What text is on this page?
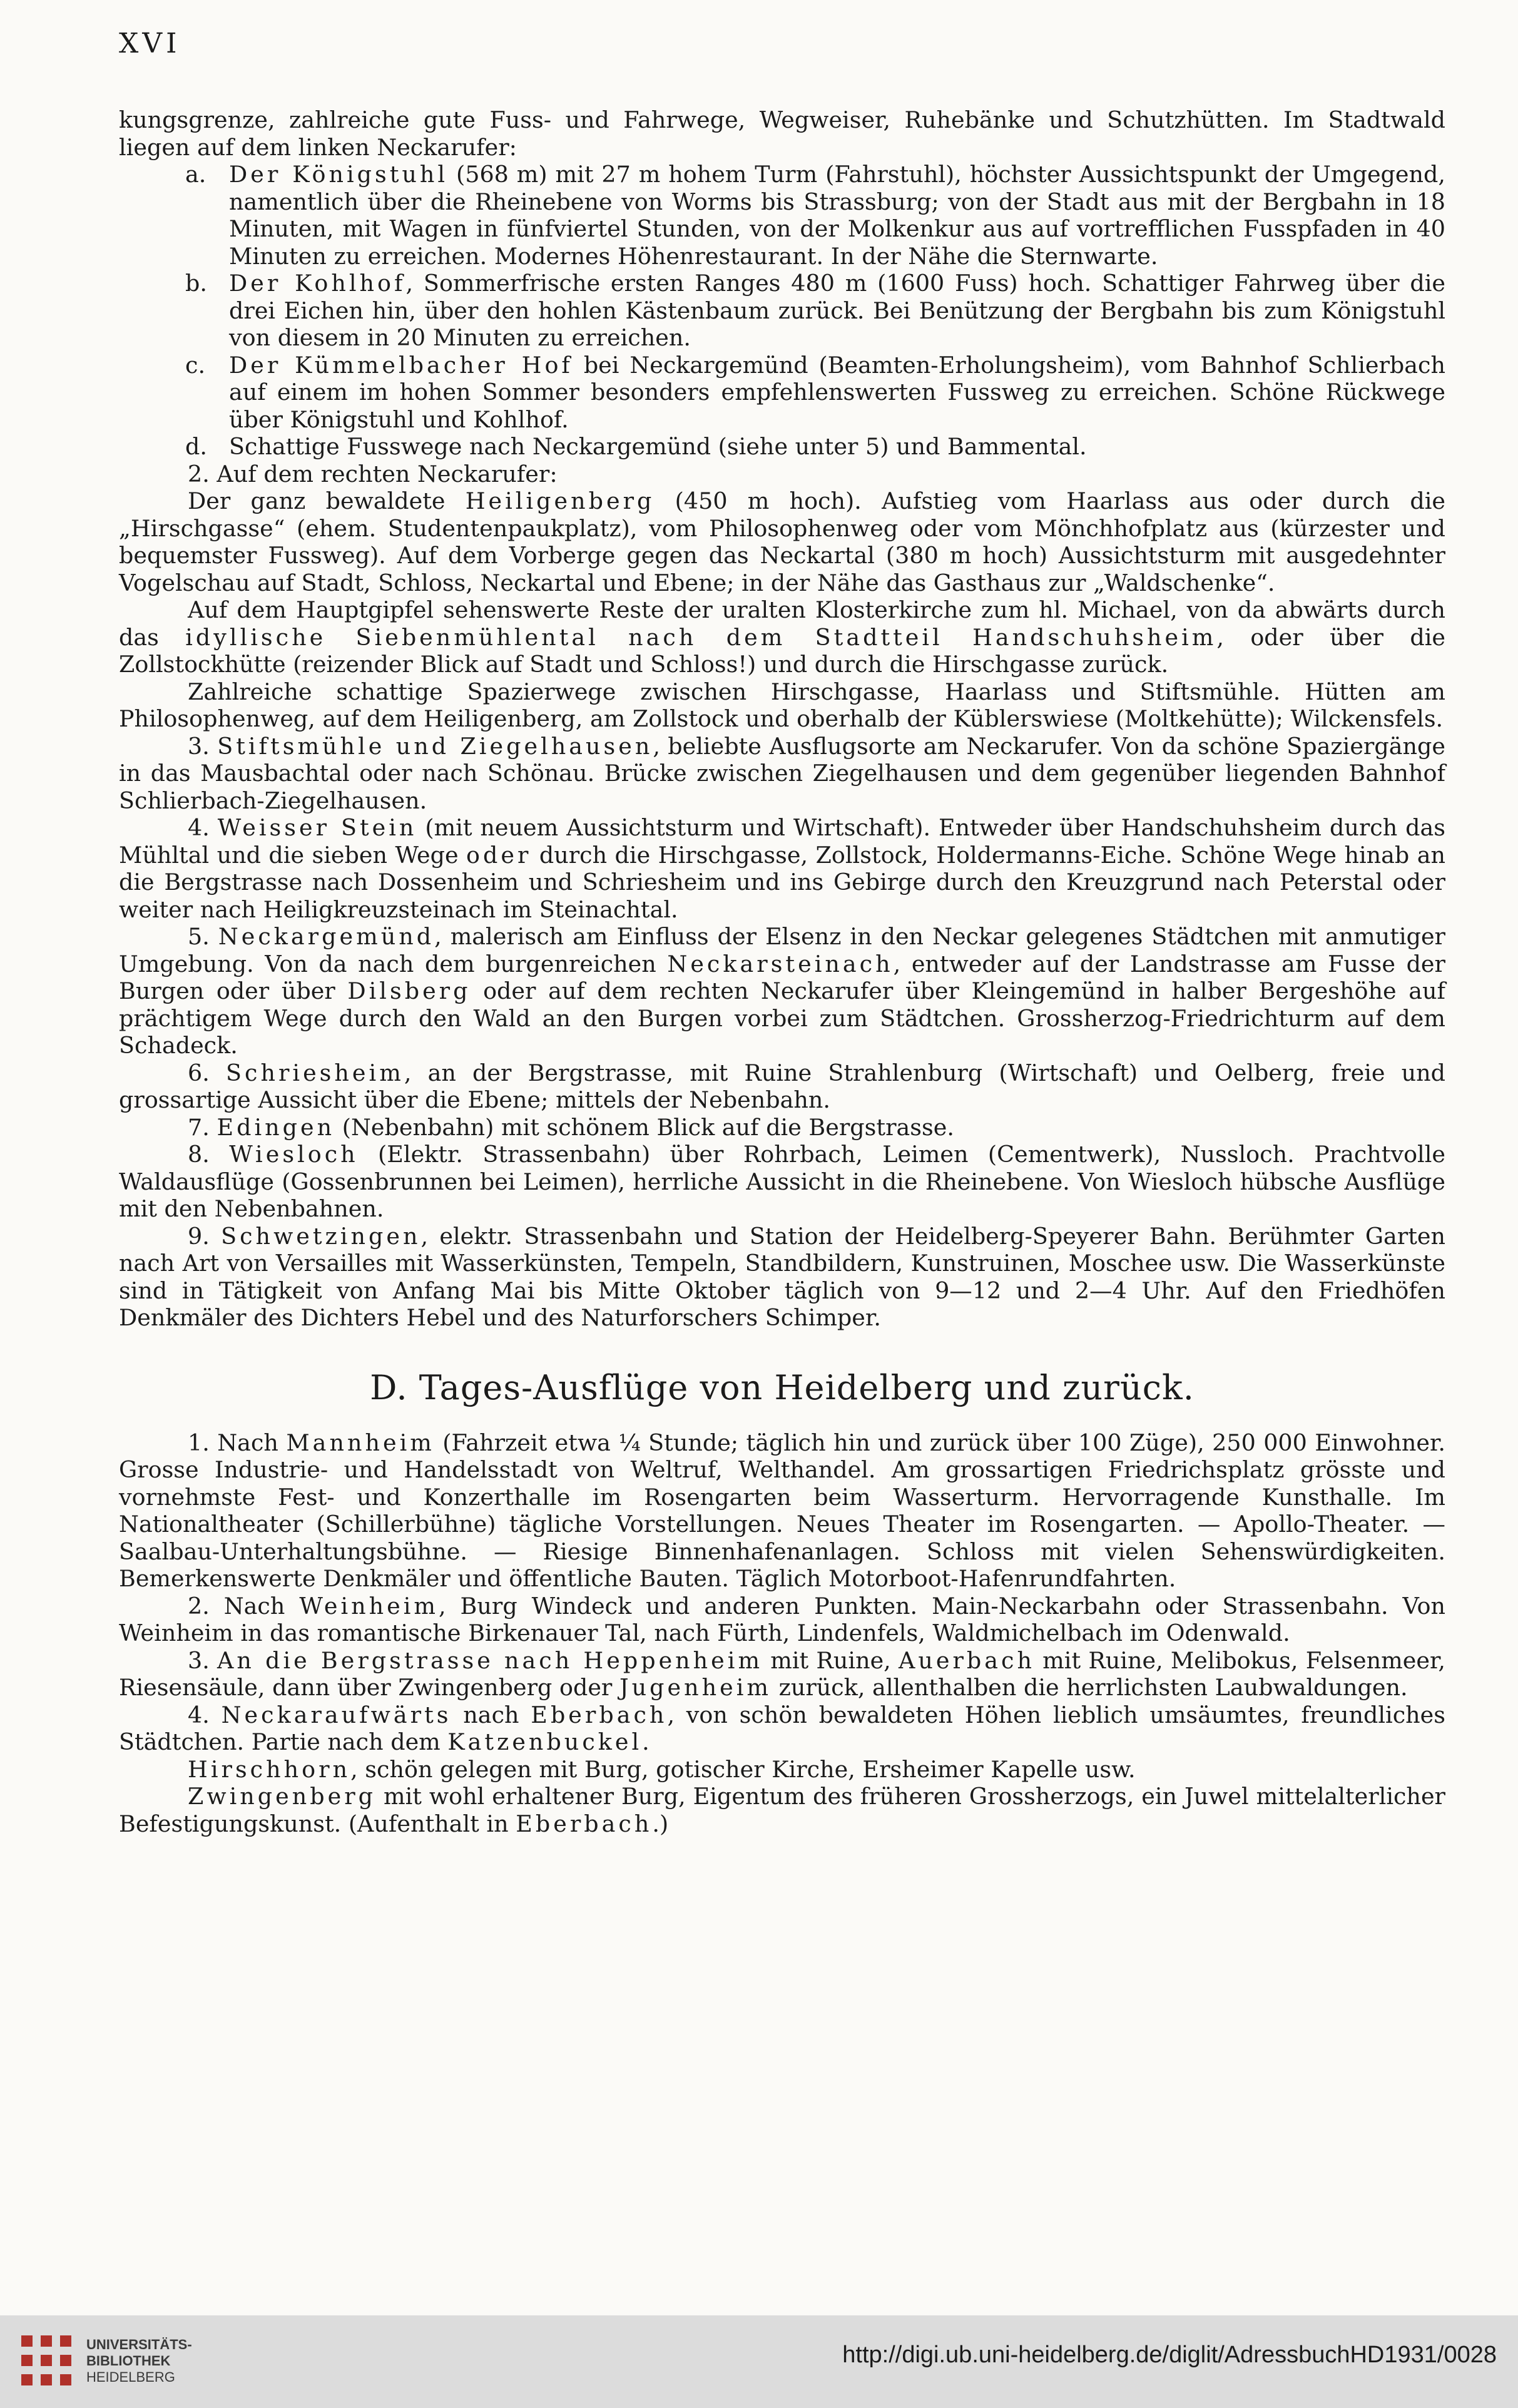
XVI

kungsgrenze, zahlreiche gute Fuss- und Fahrwege, Wegweiser, Ruhebänke und Schutzhütten. Im Stadtwald liegen auf dem linken Neckarufer:

a. Der Königstuhl (568 m) mit 27 m hohem Turm (Fahrstuhl), höchster Aussichtspunkt der Umgegend, namentlich über die Rheinebene von Worms bis Strassburg; von der Stadt aus mit der Bergbahn in 18 Minuten, mit Wagen in fünfviertel Stunden, von der Molkenkur aus auf vortrefflichen Fusspfaden in 40 Minuten zu erreichen. Modernes Höhenrestaurant. In der Nähe die Sternwarte.

b. Der Kohlhof, Sommerfrische ersten Ranges 480 m (1600 Fuss) hoch. Schattiger Fahrweg über die drei Eichen hin, über den hohlen Kästenbaum zurück. Bei Benützung der Bergbahn bis zum Königstuhl von diesem in 20 Minuten zu erreichen.

c. Der Kümmelbacher Hof bei Neckargemünd (Beamten-Erholungsheim), vom Bahnhof Schlierbach auf einem im hohen Sommer besonders empfehlenswerten Fussweg zu erreichen. Schöne Rückwege über Königstuhl und Kohlhof.

d. Schattige Fusswege nach Neckargemünd (siehe unter 5) und Bammental.

2. Auf dem rechten Neckarufer:

Der ganz bewaldete Heiligenberg (450 m hoch). Aufstieg vom Haarlass aus oder durch die „Hirschgasse“ (ehem. Studentenpaukplatz), vom Philosophenweg oder vom Mönchhofplatz aus (kürzester und bequemster Fussweg). Auf dem Vorberge gegen das Neckartal (380 m hoch) Aussichtsturm mit ausgedehnter Vogelschau auf Stadt, Schloss, Neckartal und Ebene; in der Nähe das Gasthaus zur „Waldschenke“.

Auf dem Hauptgipfel sehenswerte Reste der uralten Klosterkirche zum hl. Michael, von da abwärts durch das idyllische Siebenmühlental nach dem Stadtteil Handschuhsheim, oder über die Zollstockhütte (reizender Blick auf Stadt und Schloss!) und durch die Hirschgasse zurück.

Zahlreiche schattige Spazierwege zwischen Hirschgasse, Haarlass und Stiftsmühle. Hütten am Philosophenweg, auf dem Heiligenberg, am Zollstock und oberhalb der Küblerswiese (Moltkehütte); Wilckensfels.

3. Stiftsmühle und Ziegelhausen, beliebte Ausflugsorte am Neckarufer. Von da schöne Spaziergänge in das Mausbachtal oder nach Schönau. Brücke zwischen Ziegelhausen und dem gegenüber liegenden Bahnhof Schlierbach-Ziegelhausen.

4. Weisser Stein (mit neuem Aussichtsturm und Wirtschaft). Entweder über Handschuhsheim durch das Mühltal und die sieben Wege oder durch die Hirschgasse, Zollstock, Holdermanns-Eiche. Schöne Wege hinab an die Bergstrasse nach Dossenheim und Schriesheim und ins Gebirge durch den Kreuzgrund nach Peterstal oder weiter nach Heiligkreuzsteinach im Steinachtal.

5. Neckargemünd, malerisch am Einfluss der Elsenz in den Neckar gelegenes Städtchen mit anmutiger Umgebung. Von da nach dem burgenreichen Neckarsteinach, entweder auf der Landstrasse am Fusse der Burgen oder über Dilsberg oder auf dem rechten Neckarufer über Kleingemünd in halber Bergeshöhe auf prächtigem Wege durch den Wald an den Burgen vorbei zum Städtchen. Grossherzog-Friedrichturm auf dem Schadeck.

6. Schriesheim, an der Bergstrasse, mit Ruine Strahlenburg (Wirtschaft) und Oelberg, freie und grossartige Aussicht über die Ebene; mittels der Nebenbahn.

7. Edingen (Nebenbahn) mit schönem Blick auf die Bergstrasse.

8. Wiesloch (Elektr. Strassenbahn) über Rohrbach, Leimen (Cementwerk), Nussloch. Prachtvolle Waldausflüge (Gossenbrunnen bei Leimen), herrliche Aussicht in die Rheinebene. Von Wiesloch hübsche Ausflüge mit den Nebenbahnen.

9. Schwetzingen, elektr. Strassenbahn und Station der Heidelberg-Speyerer Bahn. Berühmter Garten nach Art von Versailles mit Wasserkünsten, Tempeln, Standbildern, Kunstruinen, Moschee usw. Die Wasserkünste sind in Tätigkeit von Anfang Mai bis Mitte Oktober täglich von 9—12 und 2—4 Uhr. Auf den Friedhöfen Denkmäler des Dichters Hebel und des Naturforschers Schimper.

D. Tages-Ausflüge von Heidelberg und zurück.

1. Nach Mannheim (Fahrzeit etwa ¼ Stunde; täglich hin und zurück über 100 Züge), 250 000 Einwohner. Grosse Industrie- und Handelsstadt von Weltruf, Welthandel. Am grossartigen Friedrichsplatz grösste und vornehmste Fest- und Konzerthalle im Rosengarten beim Wasserturm. Hervorragende Kunsthalle. Im Nationaltheater (Schillerbühne) tägliche Vorstellungen. Neues Theater im Rosengarten. — Apollo-Theater. — Saalbau-Unterhaltungsbühne. — Riesige Binnenhafenanlagen. Schloss mit vielen Sehenswürdigkeiten. Bemerkenswerte Denkmäler und öffentliche Bauten. Täglich Motorboot-Hafenrundfahrten.

2. Nach Weinheim, Burg Windeck und anderen Punkten. Main-Neckarbahn oder Strassenbahn. Von Weinheim in das romantische Birkenauer Tal, nach Fürth, Lindenfels, Waldmichelbach im Odenwald.

3. An die Bergstrasse nach Heppenheim mit Ruine, Auerbach mit Ruine, Melibokus, Felsenmeer, Riesensäule, dann über Zwingenberg oder Jugenheim zurück, allenthalben die herrlichsten Laubwaldungen.

4. Neckaraufwärts nach Eberbach, von schön bewaldeten Höhen lieblich umsäumtes, freundliches Städtchen. Partie nach dem Katzenbuckel.

Hirschhorn, schön gelegen mit Burg, gotischer Kirche, Ersheimer Kapelle usw.

Zwingenberg mit wohl erhaltener Burg, Eigentum des früheren Grossherzogs, ein Juwel mittelalterlicher Befestigungskunst. (Aufenthalt in Eberbach.)

UNIVERSITÄTS-
BIBLIOTHEK
HEIDELBERG
http://digi.ub.uni-heidelberg.de/diglit/AdressbuchHD1931/0028
